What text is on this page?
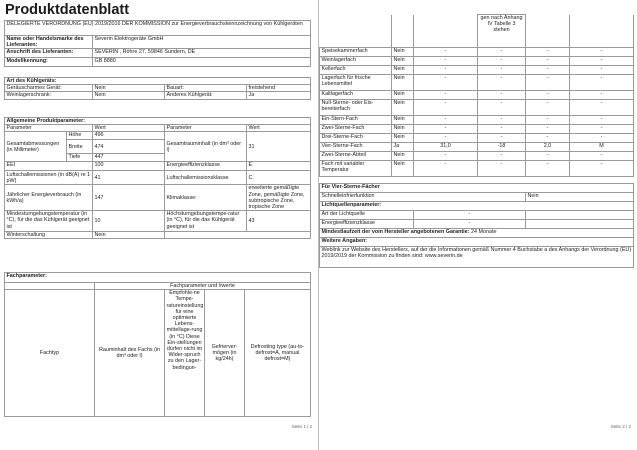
Produktdatenblatt
DELEGIERTE VERORDNUNG (EU) 2019/2016 DER KOMMISSION zur Energieverbrauchskennzeichnung von Kühlgeräten	
Name oder Handelsmarke des Lieferanten:	Severin Elektrogeräte GmbH
Anschrift des Lieferanten:	SEVERIN , Röhre 27, 59846 Sundern, DE
Modellkennung:	GB 8880
Art des Kühlgeräts:			
Geräuscharmes Gerät:	Nein	Bauart:	freistehend
Weinlagerschrank:	Nein	Anderes Kühlgerät:	Ja
Allgemeine Produktparameter:				
Parameter		Wert	Parameter	Wert
Gesamtabmessungen (in Millimeter)	Höhe	496	Gesamtrauminhalt (in dm³ oder l)	31
	Breite	474		
	Tiefe	447		
EEI		100	Energieeffizienzklasse	E
Luftschallemissionen (in dB(A) re 1 pW)		41	Luftschallemissionsklasse	C
Jährlicher Energieverbrauch (in kWh/a)		147	Klimaklasse:	erweiterte gemäßigte Zone, gemäßigte Zone, subtropische Zone, tropische Zone
Mindestumgebungstemperatur (in °C), für die das Kühlgerät geeignet ist		10	Höchstumgebungstempe-ratur (in °C), für die das Kühlgerät geeignet ist	43
Winterschaltung		Nein		
Fachparameter:				
	Fachparameter und #werte			
Fachtyp	Rauminhalt des Fachs (in dm³ oder l)	Empfohle-ne Tempe-ratureinstellung für eine optimierte Lebens-mittellage-rung (in °C) Diese Ein-stellungen dürfen nicht im Wider-spruch zu den Lager-bedingun-	Gefrierver-mögen (in kg/24h)	Defrosting type (au-to-defrost=A, manual defrost=M)
Seite 1 / 2
			gen nach Anhang IV Tabelle 3 stehen		
Speisekammerfach	Nein	-	-	-	-
Weinlagerfach	Nein	-	-	-	-
Kellerfach	Nein	-	-	-	-
Lagerfach für frische Lebensmittel	Nein	-	-	-	-
Kaltlagerfach	Nein	-	-	-	-
Null-Sterne- oder Eis-bereiterfach	Nein	-	-	-	-
Ein-Stern-Fach	Nein	-	-	-	-
Zwei-Sterne-Fach	Nein	-	-	-	-
Drei-Sterne-Fach	Nein	-	-	-	-
Vier-Sterne-Fach	Ja	31,0	-18	2,0	M
Zwei-Sterne-Abteil	Nein	-	-	-	-
Fach mit variabler Temperatur	Nein	-	-	-	-
Für Vier-Sterne-Fächer		
Schnelleinfrierfunktion		Nein
Lichtquellenparameter:		
Art der Lichtquelle	-	
Energieeffizienzklasse	-	
Mindestlaufzeit der vom Hersteller angebotenen Garantie: 24 Monate		
Weitere Angaben:		
Weblink zur Website des Herstellers, auf der die Informationen gemäß Nummer 4 Buchstabe a des Anhangs der Verordnung (EU) 2019/2019 der Kommission zu finden sind: www.severin.de		
Seite 2 / 2
